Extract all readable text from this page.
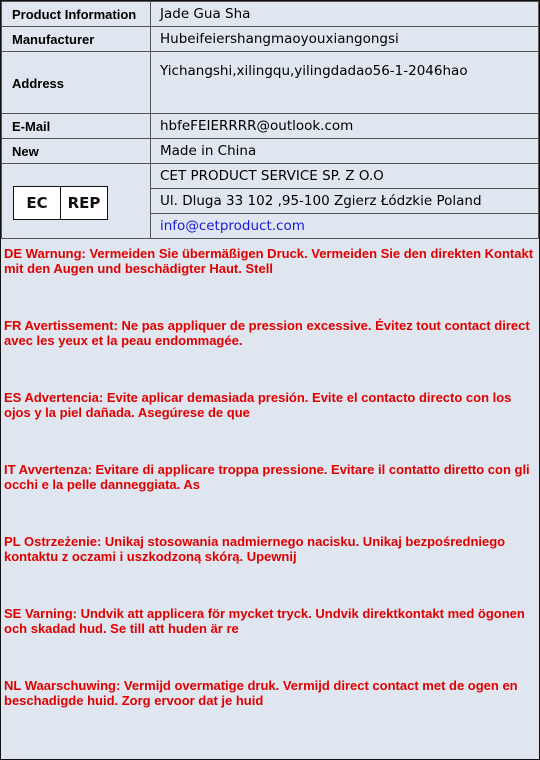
Product Information	Jade Gua Sha
Manufacturer	Hubeifeiershangmaoyouxiangongsi
Address	Yichangshi,xilingqu,yilingdadao56-1-2046hao
E-Mail	hbfeFEIERRRR@outlook.com
New	Made in China

EC REP	CET PRODUCT SERVICE SP. Z O.O
	Ul. Dluga 33 102 ,95-100 Zgierz Łódzkie Poland
	info@cetproduct.com

DE Warnung: Vermeiden Sie übermäßigen Druck. Vermeiden Sie den direkten Kontakt mit den Augen und beschädigter Haut. Stell

FR Avertissement: Ne pas appliquer de pression excessive. Évitez tout contact direct avec les yeux et la peau endommagée.

ES Advertencia: Evite aplicar demasiada presión. Evite el contacto directo con los ojos y la piel dañada. Asegúrese de que

IT Avvertenza: Evitare di applicare troppa pressione. Evitare il contatto diretto con gli occhi e la pelle danneggiata. As

PL Ostrzeżenie: Unikaj stosowania nadmiernego nacisku. Unikaj bezpośredniego kontaktu z oczami i uszkodzoną skórą. Upewnij

SE Varning: Undvik att applicera för mycket tryck. Undvik direktkontakt med ögonen och skadad hud. Se till att huden är re

NL Waarschuwing: Vermijd overmatige druk. Vermijd direct contact met de ogen en beschadigde huid. Zorg ervoor dat je huid
